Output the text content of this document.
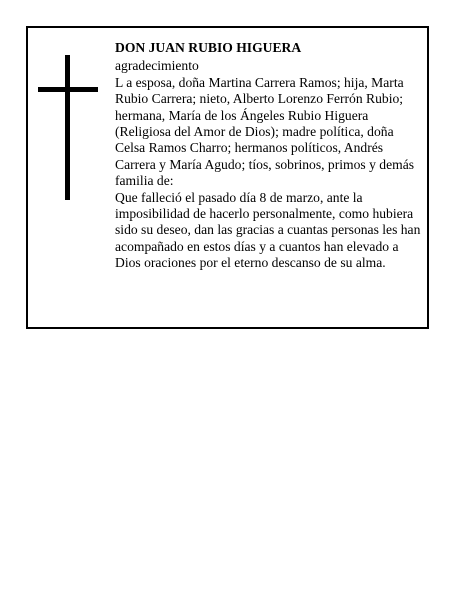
DON JUAN RUBIO HIGUERA

agradecimiento

L a esposa, doña Martina Carrera Ramos; hija, Marta Rubio Carrera; nieto, Alberto Lorenzo Ferrón Rubio; hermana, María de los Ángeles Rubio Higuera (Religiosa del Amor de Dios); madre política, doña Celsa Ramos Charro; hermanos políticos, Andrés Carrera y María Agudo; tíos, sobrinos, primos y demás familia de:

Que falleció el pasado día 8 de marzo, ante la imposibilidad de hacerlo personalmente, como hubiera sido su deseo, dan las gracias a cuantas personas les han acompañado en estos días y a cuantos han elevado a Dios oraciones por el eterno descanso de su alma.
